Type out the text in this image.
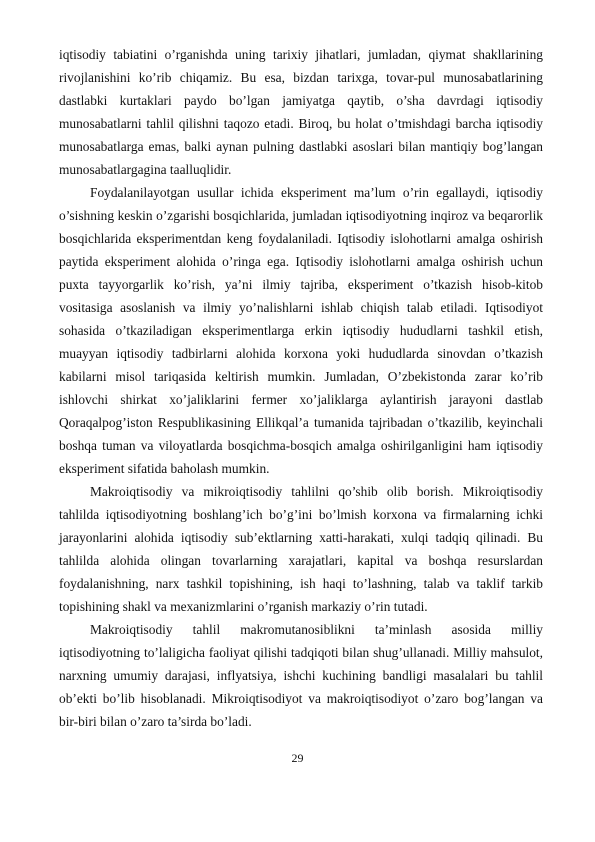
iqtisodiy tabiatini o’rganishda uning tarixiy jihatlari, jumladan, qiymat shakllarining rivojlanishini ko’rib chiqamiz. Bu esa, bizdan tarixga, tovar-pul munosabatlarining dastlabki kurtaklari paydo bo’lgan jamiyatga qaytib, o’sha davrdagi iqtisodiy munosabatlarni tahlil qilishni taqozo etadi. Biroq, bu holat o’tmishdagi barcha iqtisodiy munosabatlarga emas, balki aynan pulning dastlabki asoslari bilan mantiqiy bog’langan munosabatlargagina taalluqlidir.

Foydalanilayotgan usullar ichida eksperiment ma’lum o’rin egallaydi, iqtisodiy o’sishning keskin o’zgarishi bosqichlarida, jumladan iqtisodiyotning inqiroz va beqarorlik bosqichlarida eksperimentdan keng foydalaniladi. Iqtisodiy islohotlarni amalga oshirish paytida eksperiment alohida o’ringa ega. Iqtisodiy islohotlarni amalga oshirish uchun puxta tayyorgarlik ko’rish, ya’ni ilmiy tajriba, eksperiment o’tkazish hisob-kitob vositasiga asoslanish va ilmiy yo’nalishlarni ishlab chiqish talab etiladi. Iqtisodiyot sohasida o’tkaziladigan eksperimentlarga erkin iqtisodiy hududlarni tashkil etish, muayyan iqtisodiy tadbirlarni alohida korxona yoki hududlarda sinovdan o’tkazish kabilarni misol tariqasida keltirish mumkin. Jumladan, O’zbekistonda zarar ko’rib ishlovchi shirkat xo’jaliklarini fermer xo’jaliklarga aylantirish jarayoni dastlab Qoraqalpog’iston Respublikasining Ellikqal’a tumanida tajribadan o’tkazilib, keyinchali boshqa tuman va viloyatlarda bosqichma-bosqich amalga oshirilganligini ham iqtisodiy eksperiment sifatida baholash mumkin.

Makroiqtisodiy va mikroiqtisodiy tahlilni qo’shib olib borish. Mikroiqtisodiy tahlilda iqtisodiyotning boshlang’ich bo’g’ini bo’lmish korxona va firmalarning ichki jarayonlarini alohida iqtisodiy sub’ektlarning xatti-harakati, xulqi tadqiq qilinadi. Bu tahlilda alohida olingan tovarlarning xarajatlari, kapital va boshqa resurslardan foydalanishning, narx tashkil topishining, ish haqi to’lashning, talab va taklif tarkib topishining shakl va mexanizmlarini o’rganish markaziy o’rin tutadi.

Makroiqtisodiy tahlil makromutanosiblikni ta’minlash asosida milliy iqtisodiyotning to’laligicha faoliyat qilishi tadqiqoti bilan shug’ullanadi. Milliy mahsulot, narxning umumiy darajasi, inflyatsiya, ishchi kuchining bandligi masalalari bu tahlil ob’ekti bo’lib hisoblanadi. Mikroiqtisodiyot va makroiqtisodiyot o’zaro bog’langan va bir-biri bilan o’zaro ta’sirda bo’ladi.

29
